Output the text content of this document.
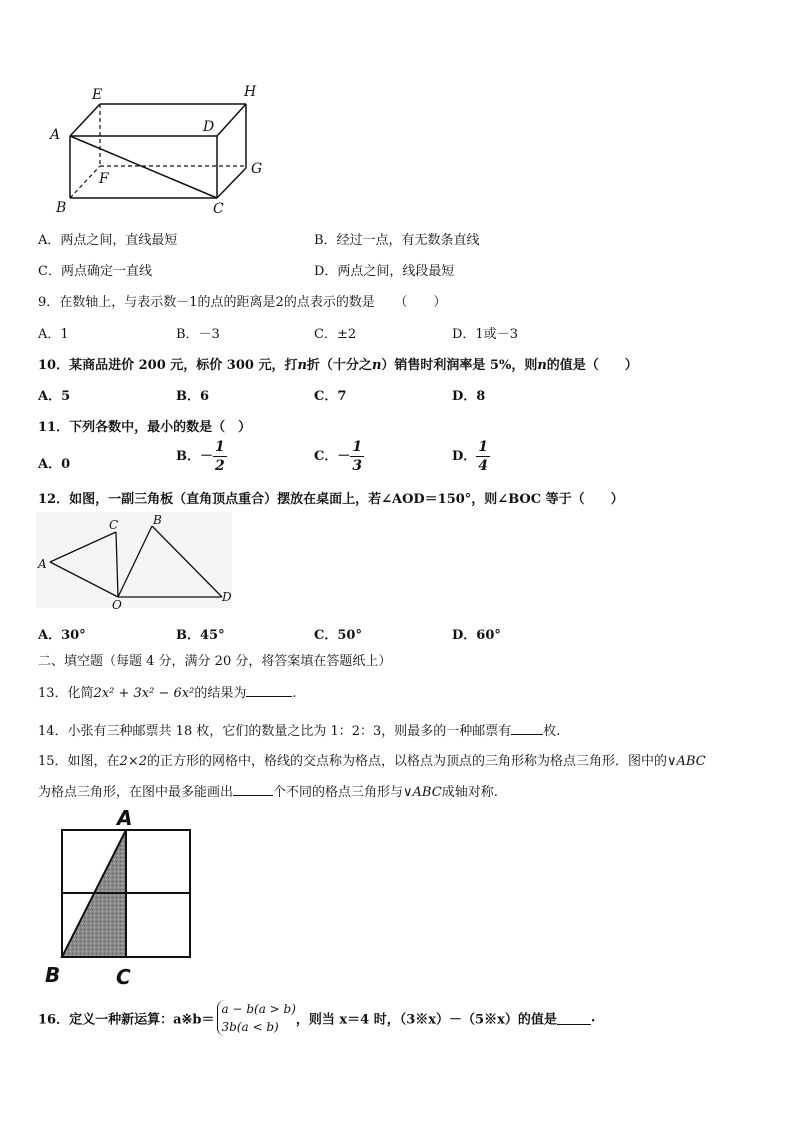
E	H
A	D
G
F
B	C
A．两点之间，直线最短	B．经过一点，有无数条直线
C．两点确定一直线	D．两点之间，线段最短
9．在数轴上，与表示数－1的点的距离是2的点表示的数是　　（　　）
A．1	B．－3	C．±2	D．1或－3
10．某商品进价 200 元，标价 300 元，打n折（十分之n）销售时利润率是 5%，则n的值是（　　）
A．5	B．6	C．7	D．8
11．下列各数中，最小的数是（　）
A．0
B．－ $\frac{1}{2}$	C．－ $\frac{1}{3}$	D． $\frac{1}{4}$
12．如图，一副三角板（直角顶点重合）摆放在桌面上，若∠AOD＝150°，则∠BOC 等于（　　）
C	B
A
O
D
A．30°	B．45°	C．50°	D．60°
二、填空题（每题 4 分，满分 20 分，将答案填在答题纸上）
13．化简2x² + 3x² − 6x²的结果为	.
14．小张有三种邮票共 18 枚，它们的数量之比为 1：2：3，则最多的一种邮票有 枚.
15．如图，在2×2的正方形的网格中，格线的交点称为格点，以格点为顶点的三角形称为格点三角形．图中的∨ABC
为格点三角形，在图中最多能画出	个不同的格点三角形与∨ABC成轴对称.
A
B	C
16．定义一种新运算：a※b＝a − b(a > b)
3b(a < b) ，则当 x＝4 时，（3※x）－（5※x）的值是	.
